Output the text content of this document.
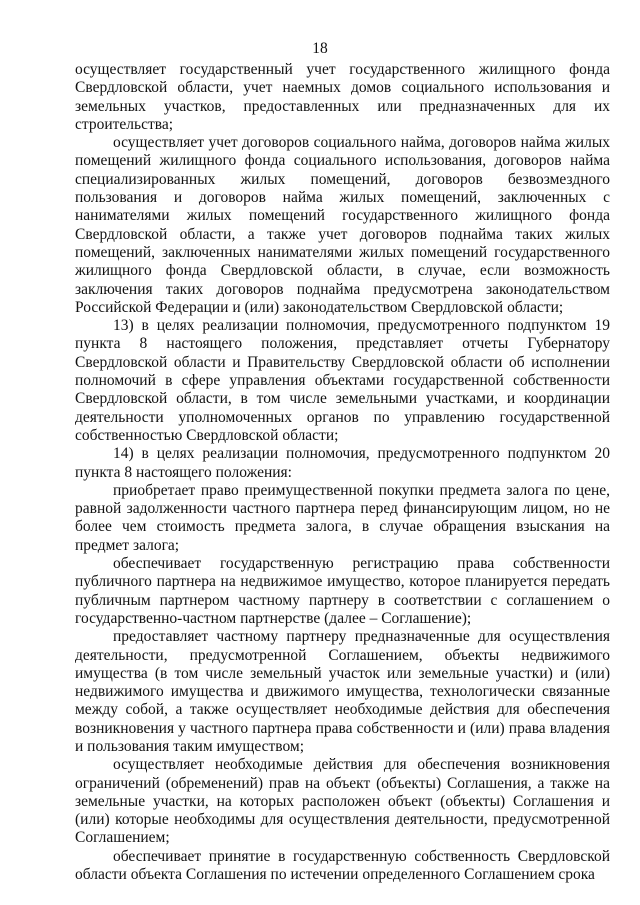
18

осуществляет государственный учет государственного жилищного фонда Свердловской области, учет наемных домов социального использования и земельных участков, предоставленных или предназначенных для их строительства;

осуществляет учет договоров социального найма, договоров найма жилых помещений жилищного фонда социального использования, договоров найма специализированных жилых помещений, договоров безвозмездного пользования и договоров найма жилых помещений, заключенных с нанимателями жилых помещений государственного жилищного фонда Свердловской области, а также учет договоров поднайма таких жилых помещений, заключенных нанимателями жилых помещений государственного жилищного фонда Свердловской области, в случае, если возможность заключения таких договоров поднайма предусмотрена законодательством Российской Федерации и (или) законодательством Свердловской области;

13) в целях реализации полномочия, предусмотренного подпунктом 19 пункта 8 настоящего положения, представляет отчеты Губернатору Свердловской области и Правительству Свердловской области об исполнении полномочий в сфере управления объектами государственной собственности Свердловской области, в том числе земельными участками, и координации деятельности уполномоченных органов по управлению государственной собственностью Свердловской области;

14) в целях реализации полномочия, предусмотренного подпунктом 20 пункта 8 настоящего положения:

приобретает право преимущественной покупки предмета залога по цене, равной задолженности частного партнера перед финансирующим лицом, но не более чем стоимость предмета залога, в случае обращения взыскания на предмет залога;

обеспечивает государственную регистрацию права собственности публичного партнера на недвижимое имущество, которое планируется передать публичным партнером частному партнеру в соответствии с соглашением о государственно-частном партнерстве (далее – Соглашение);

предоставляет частному партнеру предназначенные для осуществления деятельности, предусмотренной Соглашением, объекты недвижимого имущества (в том числе земельный участок или земельные участки) и (или) недвижимого имущества и движимого имущества, технологически связанные между собой, а также осуществляет необходимые действия для обеспечения возникновения у частного партнера права собственности и (или) права владения и пользования таким имуществом;

осуществляет необходимые действия для обеспечения возникновения ограничений (обременений) прав на объект (объекты) Соглашения, а также на земельные участки, на которых расположен объект (объекты) Соглашения и (или) которые необходимы для осуществления деятельности, предусмотренной Соглашением;

обеспечивает принятие в государственную собственность Свердловской области объекта Соглашения по истечении определенного Соглашением срока
